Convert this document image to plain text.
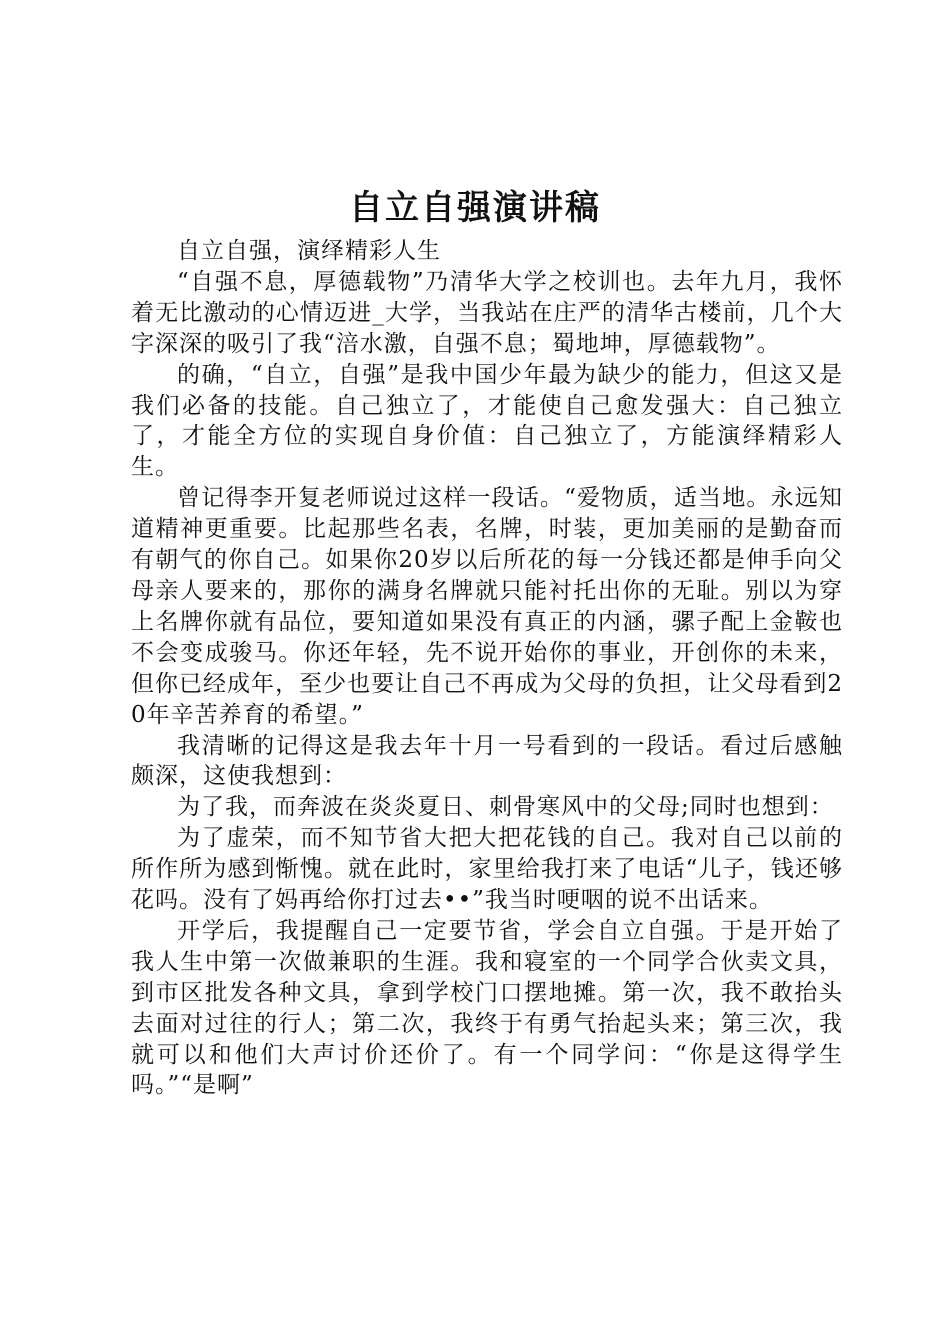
自立自强演讲稿

自立自强，演绎精彩人生

“自强不息，厚德载物”乃清华大学之校训也。去年九月，我怀着无比激动的心情迈进_大学，当我站在庄严的清华古楼前，几个大字深深的吸引了我“涪水激，自强不息；蜀地坤，厚德载物”。

的确，“自立，自强”是我中国少年最为缺少的能力，但这又是我们必备的技能。自己独立了，才能使自己愈发强大：自己独立了，才能全方位的实现自身价值：自己独立了，方能演绎精彩人生。

曾记得李开复老师说过这样一段话。“爱物质，适当地。永远知道精神更重要。比起那些名表，名牌，时装，更加美丽的是勤奋而有朝气的你自己。如果你20岁以后所花的每一分钱还都是伸手向父母亲人要来的，那你的满身名牌就只能衬托出你的无耻。别以为穿上名牌你就有品位，要知道如果没有真正的内涵，骡子配上金鞍也不会变成骏马。你还年轻，先不说开始你的事业，开创你的未来，但你已经成年，至少也要让自己不再成为父母的负担，让父母看到20年辛苦养育的希望。”

我清晰的记得这是我去年十月一号看到的一段话。看过后感触颇深，这使我想到：

为了我，而奔波在炎炎夏日、刺骨寒风中的父母;同时也想到：

为了虚荣，而不知节省大把大把花钱的自己。我对自己以前的所作所为感到惭愧。就在此时，家里给我打来了电话“儿子，钱还够花吗。没有了妈再给你打过去••”我当时哽咽的说不出话来。

开学后，我提醒自己一定要节省，学会自立自强。于是开始了我人生中第一次做兼职的生涯。我和寝室的一个同学合伙卖文具，到市区批发各种文具，拿到学校门口摆地摊。第一次，我不敢抬头去面对过往的行人；第二次，我终于有勇气抬起头来；第三次，我就可以和他们大声讨价还价了。有一个同学问：“你是这得学生吗。”“是啊”
